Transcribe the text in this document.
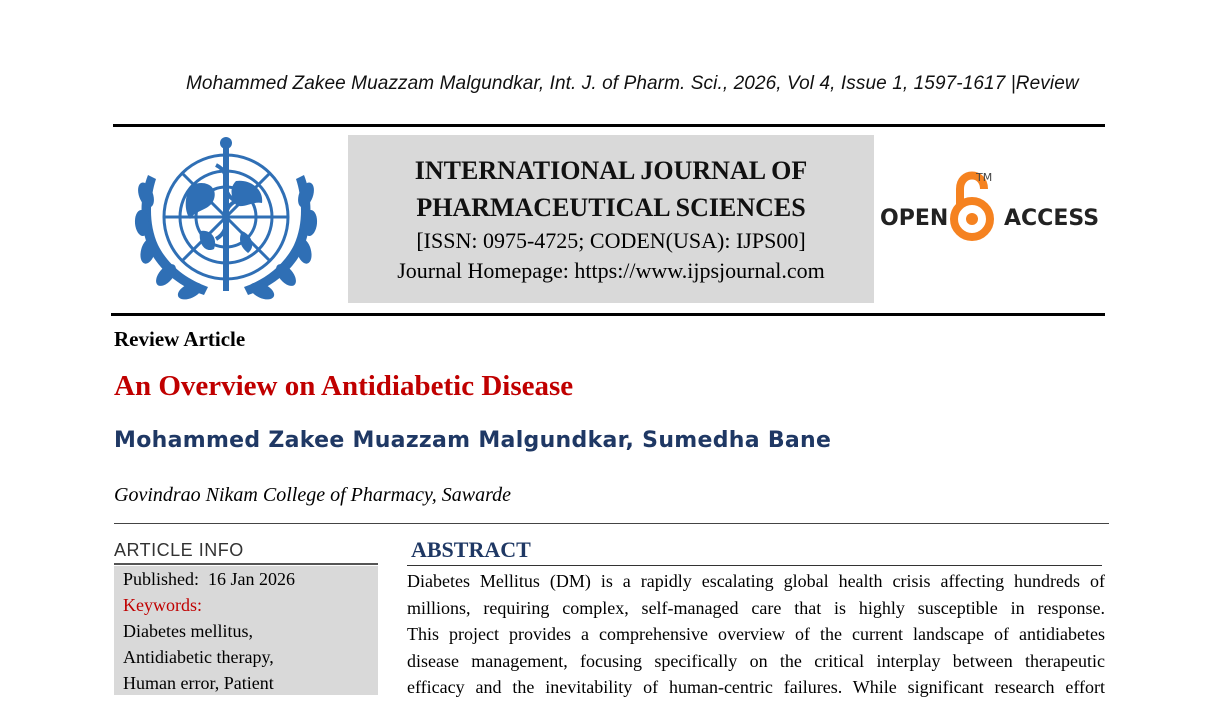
Mohammed Zakee Muazzam Malgundkar, Int. J. of Pharm. Sci., 2026, Vol 4, Issue 1, 1597-1617 |Review
INTERNATIONAL JOURNAL OF
PHARMACEUTICAL SCIENCES
[ISSN: 0975-4725; CODEN(USA): IJPS00]
Journal Homepage: https://www.ijpsjournal.com
OPEN	ACCESS
TM
Review Article
An Overview on Antidiabetic Disease
Mohammed Zakee Muazzam Malgundkar, Sumedha Bane
Govindrao Nikam College of Pharmacy, Sawarde
ARTICLE INFO
Published: 16 Jan 2026
Keywords:
Diabetes mellitus,
Antidiabetic therapy,
Human error, Patient
ABSTRACT
Diabetes Mellitus (DM) is a rapidly escalating global health crisis affecting hundreds of
millions, requiring complex, self-managed care that is highly susceptible in response.
This project provides a comprehensive overview of the current landscape of antidiabetes
disease management, focusing specifically on the critical interplay between therapeutic
efficacy and the inevitability of human-centric failures. While significant research effort
